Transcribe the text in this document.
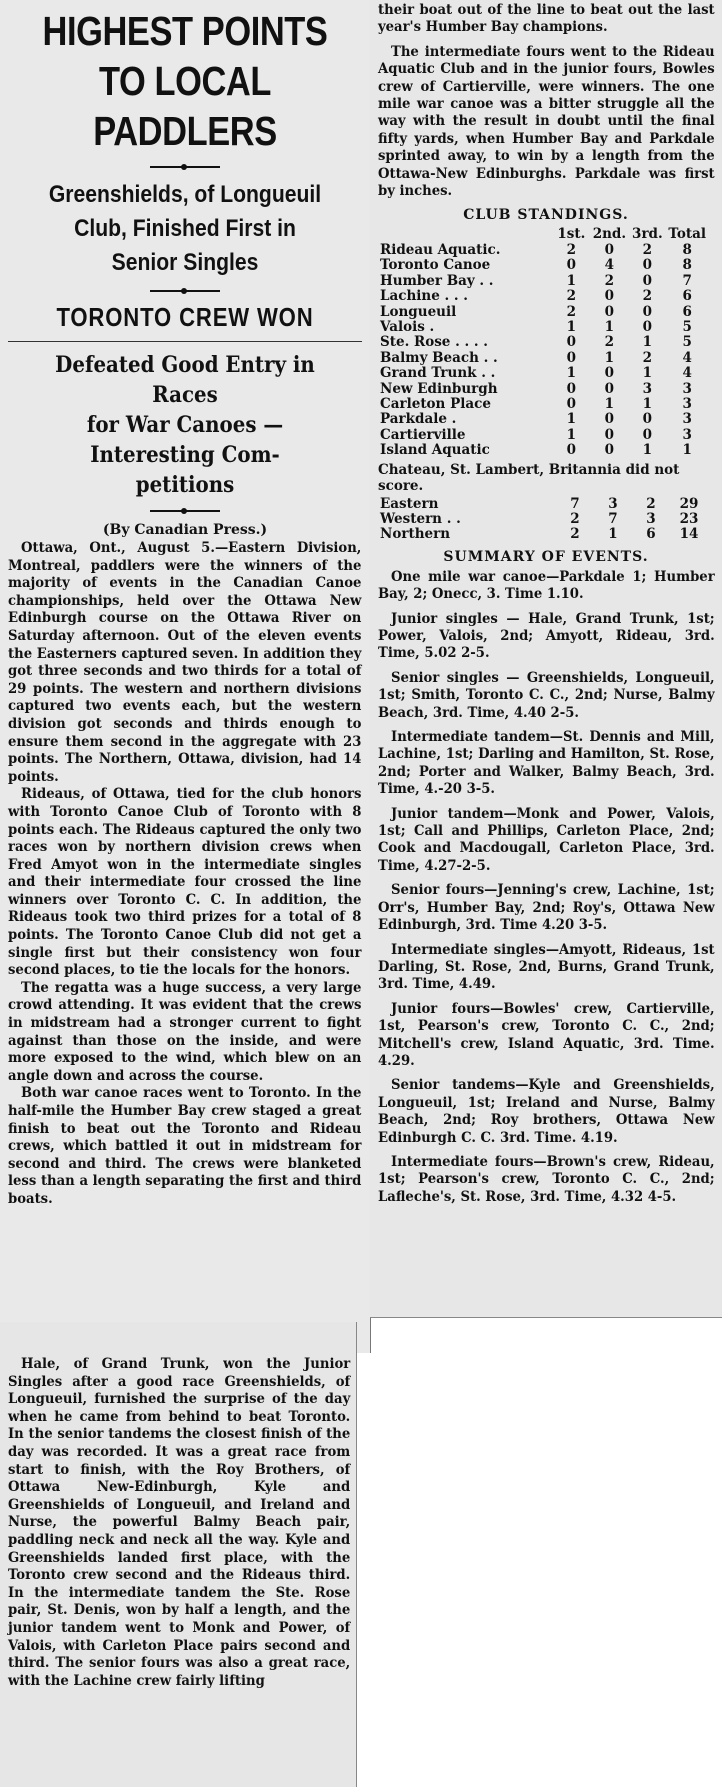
HIGHEST POINTS
TO LOCAL PADDLERS
Greenshields, of Longueuil
Club, Finished First in
Senior Singles
TORONTO CREW WON
Defeated Good Entry in Races
for War Canoes —
Interesting Com-
petitions
(By Canadian Press.)

Ottawa, Ont., August 5.—Eastern Division, Montreal, paddlers were the winners of the majority of events in the Canadian Canoe championships, held over the Ottawa New Edinburgh course on the Ottawa River on Saturday afternoon. Out of the eleven events the Easterners captured seven. In addition they got three seconds and two thirds for a total of 29 points. The western and northern divisions captured two events each, but the western division got seconds and thirds enough to ensure them second in the aggregate with 23 points. The Northern, Ottawa, division, had 14 points.

Rideaus, of Ottawa, tied for the club honors with Toronto Canoe Club of Toronto with 8 points each. The Rideaus captured the only two races won by northern division crews when Fred Amyot won in the intermediate singles and their intermediate four crossed the line winners over Toronto C. C. In addition, the Rideaus took two third prizes for a total of 8 points. The Toronto Canoe Club did not get a single first but their consistency won four second places, to tie the locals for the honors.

The regatta was a huge success, a very large crowd attending. It was evident that the crews in midstream had a stronger current to fight against than those on the inside, and were more exposed to the wind, which blew on an angle down and across the course.

Both war canoe races went to Toronto. In the half-mile the Humber Bay crew staged a great finish to beat out the Toronto and Rideau crews, which battled it out in midstream for second and third. The crews were blanketed less than a length separating the first and third boats.

Hale, of Grand Trunk, won the Junior Singles after a good race Greenshields, of Longueuil, furnished the surprise of the day when he came from behind to beat Toronto. In the senior tandems the closest finish of the day was recorded. It was a great race from start to finish, with the Roy Brothers, of Ottawa New-Edinburgh, Kyle and Greenshields of Longueuil, and Ireland and Nurse, the powerful Balmy Beach pair, paddling neck and neck all the way. Kyle and Greenshields landed first place, with the Toronto crew second and the Rideaus third. In the intermediate tandem the Ste. Rose pair, St. Denis, won by half a length, and the junior tandem went to Monk and Power, of Valois, with Carleton Place pairs second and third. The senior fours was also a great race, with the Lachine crew fairly lifting

their boat out of the line to beat out the last year's Humber Bay champions.

The intermediate fours went to the Rideau Aquatic Club and in the junior fours, Bowles crew of Cartierville, were winners. The one mile war canoe was a bitter struggle all the way with the result in doubt until the final fifty yards, when Humber Bay and Parkdale sprinted away, to win by a length from the Ottawa-New Edinburghs. Parkdale was first by inches.

CLUB STANDINGS.
	1st.	2nd.	3rd.	Total
Rideau Aquatic.	2	0	2	8
Toronto Canoe	0	4	0	8
Humber Bay . .	1	2	0	7
Lachine . . .	2	0	2	6
Longueuil	2	0	0	6
Valois .	1	1	0	5
Ste. Rose . . . .	0	2	1	5
Balmy Beach . .	0	1	2	4
Grand Trunk . .	1	0	1	4
New Edinburgh	0	0	3	3
Carleton Place	0	1	1	3
Parkdale .	1	0	0	3
Cartierville	1	0	0	3
Island Aquatic	0	0	1	1
Chateau, St. Lambert, Britannia did not score.
Eastern	7	3	2	29
Western . .	2	7	3	23
Northern	2	1	6	14
SUMMARY OF EVENTS.

One mile war canoe—Parkdale 1; Humber Bay, 2; Onecc, 3. Time 1.10.

Junior singles — Hale, Grand Trunk, 1st; Power, Valois, 2nd; Amyott, Rideau, 3rd. Time, 5.02 2-5.

Senior singles — Greenshields, Longueuil, 1st; Smith, Toronto C. C., 2nd; Nurse, Balmy Beach, 3rd. Time, 4.40 2-5.

Intermediate tandem—St. Dennis and Mill, Lachine, 1st; Darling and Hamilton, St. Rose, 2nd; Porter and Walker, Balmy Beach, 3rd. Time, 4.-20 3-5.

Junior tandem—Monk and Power, Valois, 1st; Call and Phillips, Carleton Place, 2nd; Cook and Macdougall, Carleton Place, 3rd. Time, 4.27-2-5.

Senior fours—Jenning's crew, Lachine, 1st; Orr's, Humber Bay, 2nd; Roy's, Ottawa New Edinburgh, 3rd. Time 4.20 3-5.

Intermediate singles—Amyott, Rideaus, 1st Darling, St. Rose, 2nd, Burns, Grand Trunk, 3rd. Time, 4.49.

Junior fours—Bowles' crew, Cartierville, 1st, Pearson's crew, Toronto C. C., 2nd; Mitchell's crew, Island Aquatic, 3rd. Time. 4.29.

Senior tandems—Kyle and Greenshields, Longueuil, 1st; Ireland and Nurse, Balmy Beach, 2nd; Roy brothers, Ottawa New Edinburgh C. C. 3rd. Time. 4.19.

Intermediate fours—Brown's crew, Rideau, 1st; Pearson's crew, Toronto C. C., 2nd; Lafleche's, St. Rose, 3rd. Time, 4.32 4-5.
